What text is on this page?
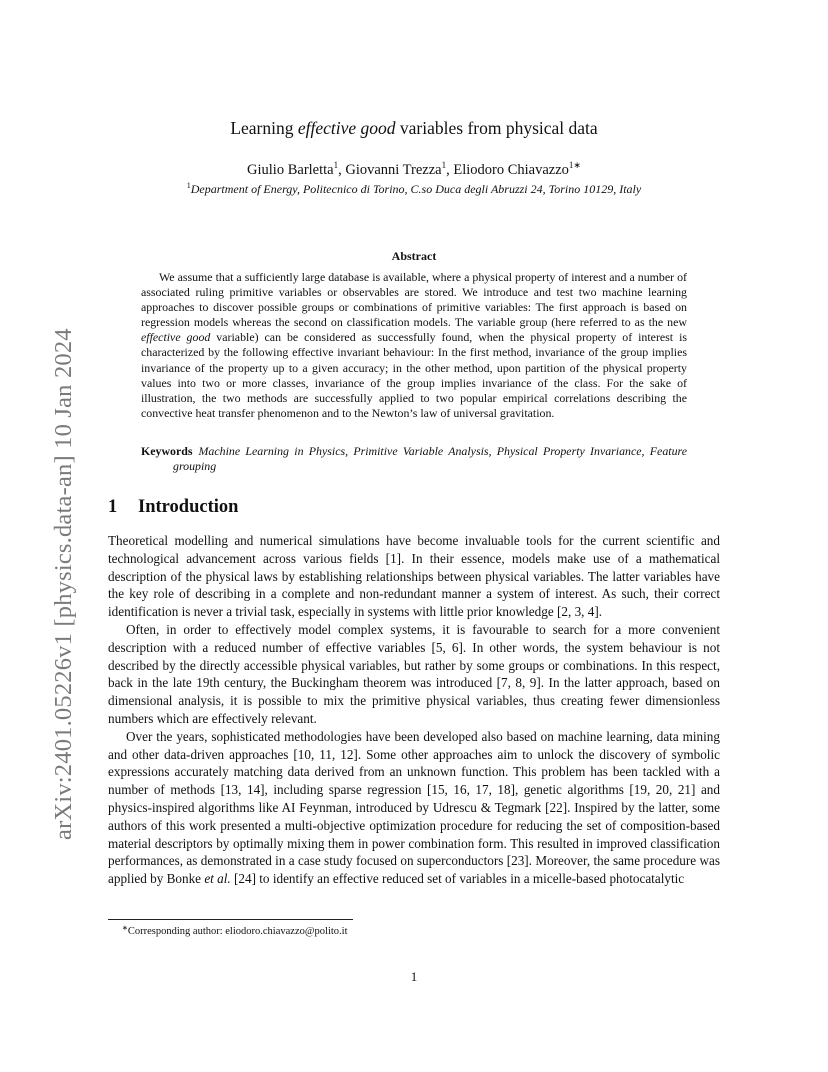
arXiv:2401.05226v1 [physics.data-an] 10 Jan 2024
Learning effective good variables from physical data
Giulio Barletta$^1$, Giovanni Trezza$^1$, Eliodoro Chiavazzo$^{1∗}$
$^1$Department of Energy, Politecnico di Torino, C.so Duca degli Abruzzi 24, Torino 10129, Italy
Abstract
We assume that a sufficiently large database is available, where a physical property of interest and a number of associated ruling primitive variables or observables are stored. We introduce and test two machine learning approaches to discover possible groups or combinations of primitive variables: The first approach is based on regression models whereas the second on classification models. The variable group (here referred to as the new effective good variable) can be considered as successfully found, when the physical property of interest is characterized by the following effective invariant behaviour: In the first method, invariance of the group implies invariance of the property up to a given accuracy; in the other method, upon partition of the physical property values into two or more classes, invariance of the group implies invariance of the class. For the sake of illustration, the two methods are successfully applied to two popular empirical correlations describing the convective heat transfer phenomenon and to the Newton’s law of universal gravitation.
Keywords Machine Learning in Physics, Primitive Variable Analysis, Physical Property Invariance, Feature grouping
1 Introduction

Theoretical modelling and numerical simulations have become invaluable tools for the current scientific and technological advancement across various fields [1]. In their essence, models make use of a mathematical description of the physical laws by establishing relationships between physical variables. The latter variables have the key role of describing in a complete and non-redundant manner a system of interest. As such, their correct identification is never a trivial task, especially in systems with little prior knowledge [2, 3, 4].

Often, in order to effectively model complex systems, it is favourable to search for a more convenient description with a reduced number of effective variables [5, 6]. In other words, the system behaviour is not described by the directly accessible physical variables, but rather by some groups or combinations. In this respect, back in the late 19th century, the Buckingham theorem was introduced [7, 8, 9]. In the latter approach, based on dimensional analysis, it is possible to mix the primitive physical variables, thus creating fewer dimensionless numbers which are effectively relevant.

Over the years, sophisticated methodologies have been developed also based on machine learning, data mining and other data-driven approaches [10, 11, 12]. Some other approaches aim to unlock the discovery of symbolic expressions accurately matching data derived from an unknown function. This problem has been tackled with a number of methods [13, 14], including sparse regression [15, 16, 17, 18], genetic algorithms [19, 20, 21] and physics-inspired algorithms like AI Feynman, introduced by Udrescu & Tegmark [22]. Inspired by the latter, some authors of this work presented a multi-objective optimization procedure for reducing the set of composition-based material descriptors by optimally mixing them in power combination form. This resulted in improved classification performances, as demonstrated in a case study focused on superconductors [23]. Moreover, the same procedure was applied by Bonke et al. [24] to identify an effective reduced set of variables in a micelle-based photocatalytic

∗Corresponding author: eliodoro.chiavazzo@polito.it
1
